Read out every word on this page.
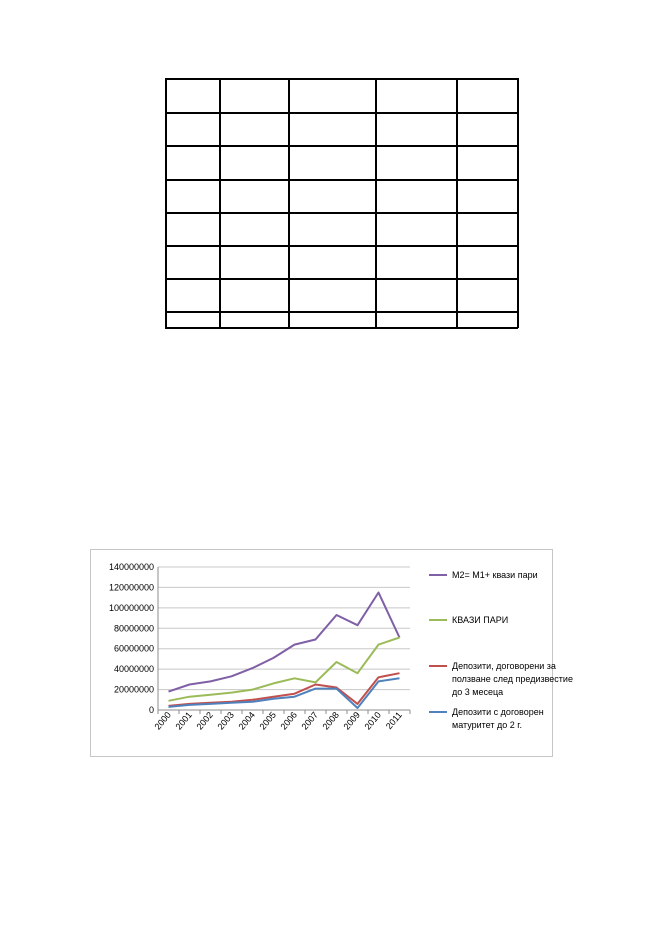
0
20000000
40000000
60000000
80000000
100000000
120000000
140000000
2000 2001 2002 2003 2004 2005 2006 2007 2008 2009 2010 2011
M2= M1+ квази пари
КВАЗИ ПАРИ
Депозити, договорени за
ползване след предизвестие
до 3 месеца
Депозити с договорен
матуритет до 2 г.
